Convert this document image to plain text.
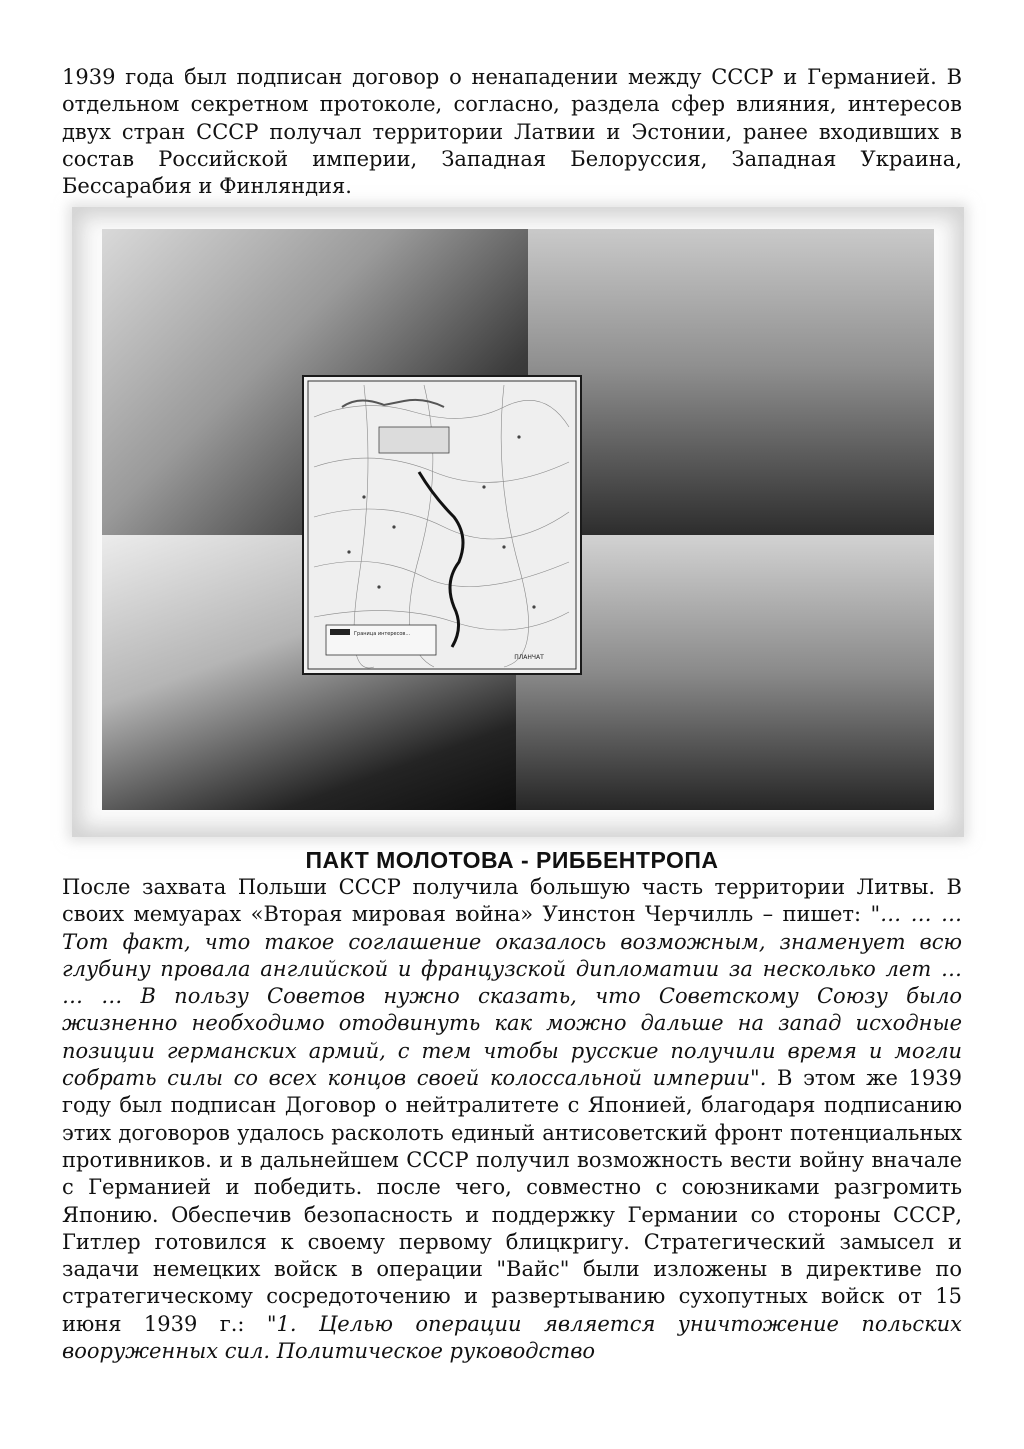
1939 года был подписан договор о ненападении между СССР и Германией. В отдельном секретном протоколе, согласно, раздела сфер влияния, интересов двух стран СССР получал территории Латвии и Эстонии, ранее входивших в состав Российской империи, Западная Белоруссия, Западная Украина, Бессарабия и Финляндия.

Граница интересов...
ПЛАНЧАТ
ПАКТ МОЛОТОВА - РИББЕНТРОПА

После захвата Польши СССР получила большую часть территории Литвы. В своих мемуарах «Вторая мировая война» Уинстон Черчилль – пишет: "… … … Тот факт, что такое соглашение оказалось возможным, знаменует всю глубину провала английской и французской дипломатии за несколько лет … … … В пользу Советов нужно сказать, что Советскому Союзу было жизненно необходимо отодвинуть как можно дальше на запад исходные позиции германских армий, с тем чтобы русские получили время и могли собрать силы со всех концов своей колоссальной империи". В этом же 1939 году был подписан Договор о нейтралитете с Японией, благодаря подписанию этих договоров удалось расколоть единый антисоветский фронт потенциальных противников. и в дальнейшем СССР получил возможность вести войну вначале с Германией и победить. после чего, совместно с союзниками разгромить Японию. Обеспечив безопасность и поддержку Германии со стороны СССР, Гитлер готовился к своему первому блицкригу. Стратегический замысел и задачи немецких войск в операции "Вайс" были изложены в директиве по стратегическому сосредоточению и развертыванию сухопутных войск от 15 июня 1939 г.: "1. Целью операции является уничтожение польских вооруженных сил. Политическое руководство
